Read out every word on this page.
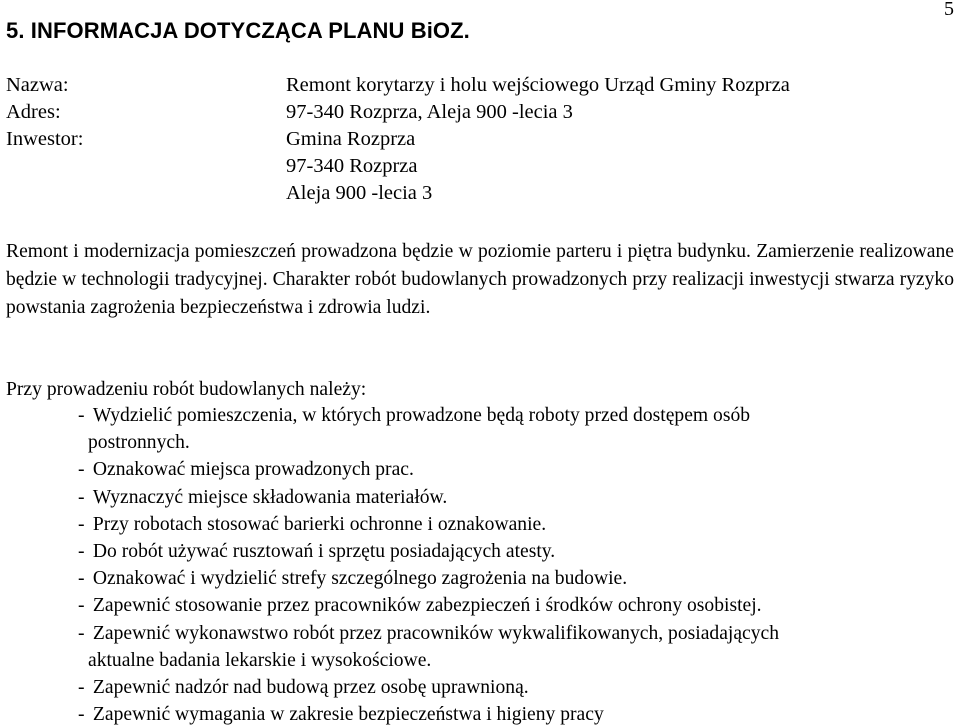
5
5. INFORMACJA DOTYCZĄCA PLANU BiOZ.
Nazwa:	Remont korytarzy i holu wejściowego Urząd Gminy Rozprza
Adres:	97-340 Rozprza, Aleja 900 -lecia 3
Inwestor:	Gmina Rozprza
97-340 Rozprza
Aleja 900 -lecia 3
Remont i modernizacja pomieszczeń prowadzona będzie w poziomie parteru i piętra budynku. Zamierzenie realizowane będzie w technologii tradycyjnej. Charakter robót budowlanych prowadzonych przy realizacji inwestycji stwarza ryzyko powstania zagrożenia bezpieczeństwa i zdrowia ludzi.
Przy prowadzeniu robót budowlanych należy:
- Wydzielić pomieszczenia, w których prowadzone będą roboty przed dostępem osób
postronnych.
- Oznakować miejsca prowadzonych prac.
- Wyznaczyć miejsce składowania materiałów.
- Przy robotach stosować barierki ochronne i oznakowanie.
- Do robót używać rusztowań i sprzętu posiadających atesty.
- Oznakować i wydzielić strefy szczególnego zagrożenia na budowie.
- Zapewnić stosowanie przez pracowników zabezpieczeń i środków ochrony osobistej.
- Zapewnić wykonawstwo robót przez pracowników wykwalifikowanych, posiadających
aktualne badania lekarskie i wysokościowe.
- Zapewnić nadzór nad budową przez osobę uprawnioną.
- Zapewnić wymagania w zakresie bezpieczeństwa i higieny pracy
